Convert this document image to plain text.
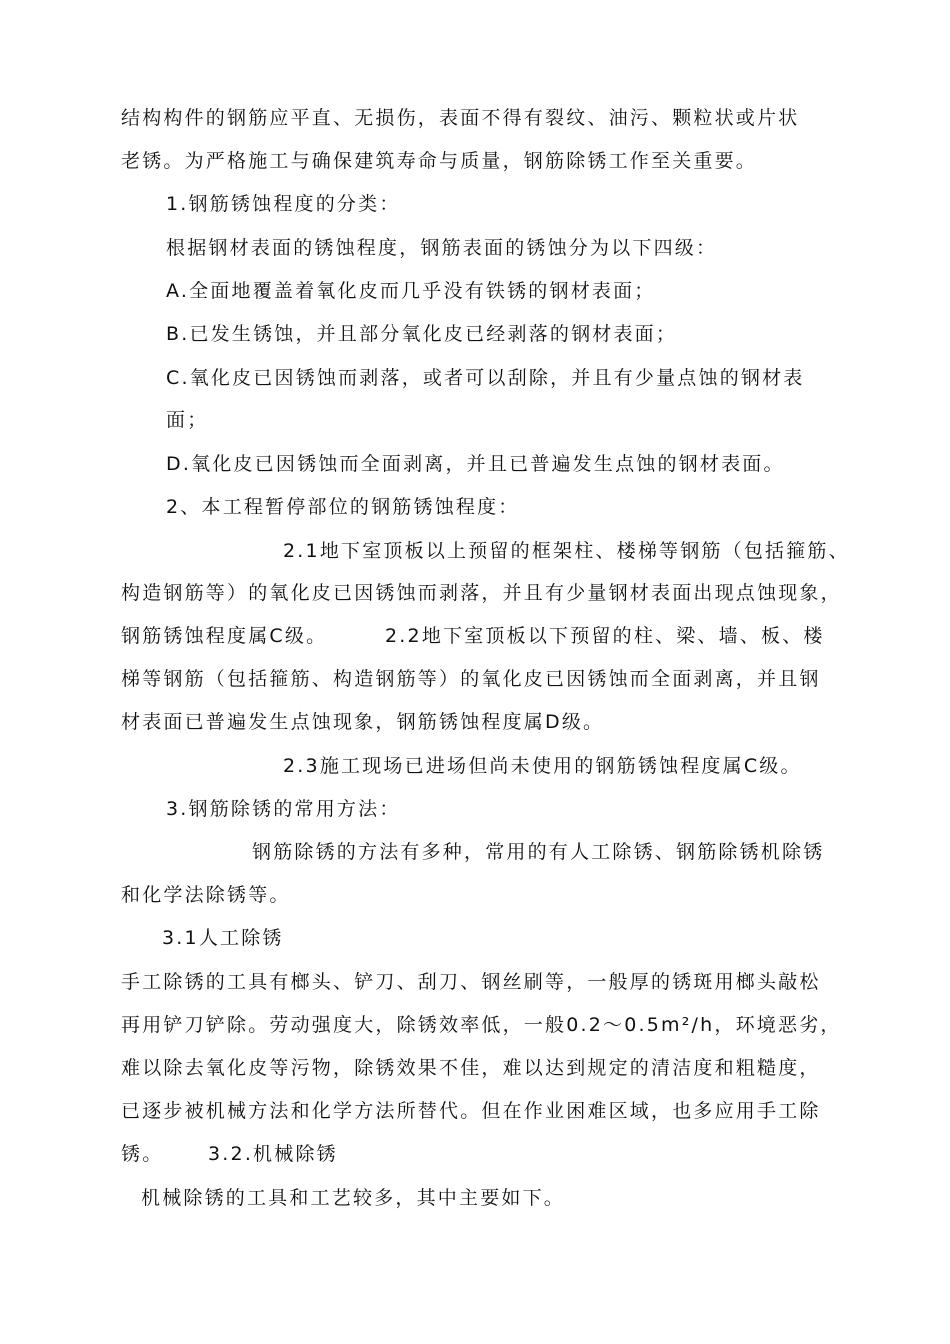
结构构件的钢筋应平直、无损伤，表面不得有裂纹、油污、颗粒状或片状
老锈。为严格施工与确保建筑寿命与质量，钢筋除锈工作至关重要。
1.钢筋锈蚀程度的分类：
根据钢材表面的锈蚀程度，钢筋表面的锈蚀分为以下四级：
A.全面地覆盖着氧化皮而几乎没有铁锈的钢材表面；
B.已发生锈蚀，并且部分氧化皮已经剥落的钢材表面；
C.氧化皮已因锈蚀而剥落，或者可以刮除，并且有少量点蚀的钢材表
面；
D.氧化皮已因锈蚀而全面剥离，并且已普遍发生点蚀的钢材表面。
2、本工程暂停部位的钢筋锈蚀程度：
2.1地下室顶板以上预留的框架柱、楼梯等钢筋（包括箍筋、
构造钢筋等）的氧化皮已因锈蚀而剥落，并且有少量钢材表面出现点蚀现象，
钢筋锈蚀程度属C级。	2.2地下室顶板以下预留的柱、梁、墙、板、楼
梯等钢筋（包括箍筋、构造钢筋等）的氧化皮已因锈蚀而全面剥离，并且钢
材表面已普遍发生点蚀现象，钢筋锈蚀程度属D级。
2.3施工现场已进场但尚未使用的钢筋锈蚀程度属C级。
3.钢筋除锈的常用方法：
钢筋除锈的方法有多种，常用的有人工除锈、钢筋除锈机除锈
和化学法除锈等。
3.1人工除锈
手工除锈的工具有榔头、铲刀、刮刀、钢丝刷等，一般厚的锈斑用榔头敲松
再用铲刀铲除。劳动强度大，除锈效率低，一般0.2～0.5m²/h，环境恶劣，
难以除去氧化皮等污物，除锈效果不佳，难以达到规定的清洁度和粗糙度，
已逐步被机械方法和化学方法所替代。但在作业困难区域，也多应用手工除
锈。 3.2.机械除锈
机械除锈的工具和工艺较多，其中主要如下。
